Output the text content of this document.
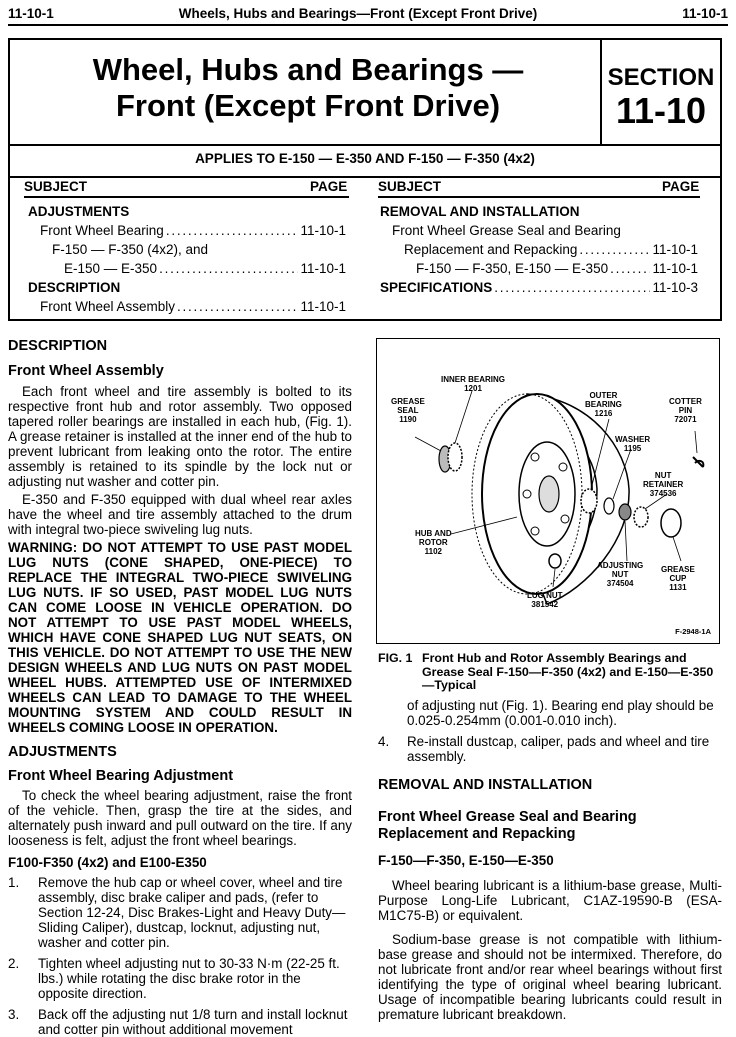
11-10-1	Wheels, Hubs and Bearings—Front (Except Front Drive)	11-10-1
Wheel, Hubs and Bearings —
Front (Except Front Drive)
SECTION
11-10
APPLIES TO E-150 — E-350 AND F-150 — F-350 (4x2)
SUBJECT	PAGE SUBJECT	PAGE
ADJUSTMENTS
Front Wheel Bearing . . .	11-10-1
F-150 — F-350 (4x2), and
E-150 — E-350 . . .	11-10-1
DESCRIPTION
Front Wheel Assembly . . .	11-10-1
REMOVAL AND INSTALLATION
Front Wheel Grease Seal and Bearing
Replacement and Repacking . . .	11-10-1
F-150 — F-350, E-150 — E-350 . . .	11-10-1
SPECIFICATIONS . . .	11-10-3
DESCRIPTION
Front Wheel Assembly

Each front wheel and tire assembly is bolted to its respective front hub and rotor assembly. Two opposed tapered roller bearings are installed in each hub, (Fig. 1). A grease retainer is installed at the inner end of the hub to prevent lubricant from leaking onto the rotor. The entire assembly is retained to its spindle by the lock nut or adjusting nut washer and cotter pin.

E-350 and F-350 equipped with dual wheel rear axles have the wheel and tire assembly attached to the drum with integral two-piece swiveling lug nuts.

WARNING: DO NOT ATTEMPT TO USE PAST MODEL LUG NUTS (CONE SHAPED, ONE-PIECE) TO REPLACE THE INTEGRAL TWO-PIECE SWIVELING LUG NUTS. IF SO USED, PAST MODEL LUG NUTS CAN COME LOOSE IN VEHICLE OPERATION. DO NOT ATTEMPT TO USE PAST MODEL WHEELS, WHICH HAVE CONE SHAPED LUG NUT SEATS, ON THIS VEHICLE. DO NOT ATTEMPT TO USE THE NEW DESIGN WHEELS AND LUG NUTS ON PAST MODEL WHEEL HUBS. ATTEMPTED USE OF INTERMIXED WHEELS CAN LEAD TO DAMAGE TO THE WHEEL MOUNTING SYSTEM AND COULD RESULT IN WHEELS COMING LOOSE IN OPERATION.

ADJUSTMENTS
Front Wheel Bearing Adjustment

To check the wheel bearing adjustment, raise the front of the vehicle. Then, grasp the tire at the sides, and alternately push inward and pull outward on the tire. If any looseness is felt, adjust the front wheel bearings.

F100-F350 (4x2) and E100-E350
1. Remove the hub cap or wheel cover, wheel and tire assembly, disc brake caliper and pads, (refer to Section 12-24, Disc Brakes-Light and Heavy Duty—Sliding Caliper), dustcap, locknut, adjusting nut, washer and cotter pin.
2. Tighten wheel adjusting nut to 30-33 N·m (22-25 ft. lbs.) while rotating the disc brake rotor in the opposite direction.
3. Back off the adjusting nut 1/8 turn and install locknut and cotter pin without additional movement
INNER BEARING
1201
GREASE
SEAL
1190
OUTER
BEARING
1216
COTTER
PIN
72071
WASHER
1195
NUT
RETAINER
374536
HUB AND
ROTOR
1102
ADJUSTING
NUT
374504
GREASE
CUP
1131
LUG NUT
381542
F-2948-1A
FIG. 1 Front Hub and Rotor Assembly Bearings and Grease Seal F-150—F-350 (4x2) and E-150—E-350—Typical

of adjusting nut (Fig. 1). Bearing end play should be 0.025-0.254mm (0.001-0.010 inch).

4. Re-install dustcap, caliper, pads and wheel and tire assembly.
REMOVAL AND INSTALLATION
Front Wheel Grease Seal and Bearing Replacement and Repacking
F-150—F-350, E-150—E-350

Wheel bearing lubricant is a lithium-base grease, Multi-Purpose Long-Life Lubricant, C1AZ-19590-B (ESA-M1C75-B) or equivalent.

Sodium-base grease is not compatible with lithium-base grease and should not be intermixed. Therefore, do not lubricate front and/or rear wheel bearings without first identifying the type of original wheel bearing lubricant. Usage of incompatible bearing lubricants could result in premature lubricant breakdown.
